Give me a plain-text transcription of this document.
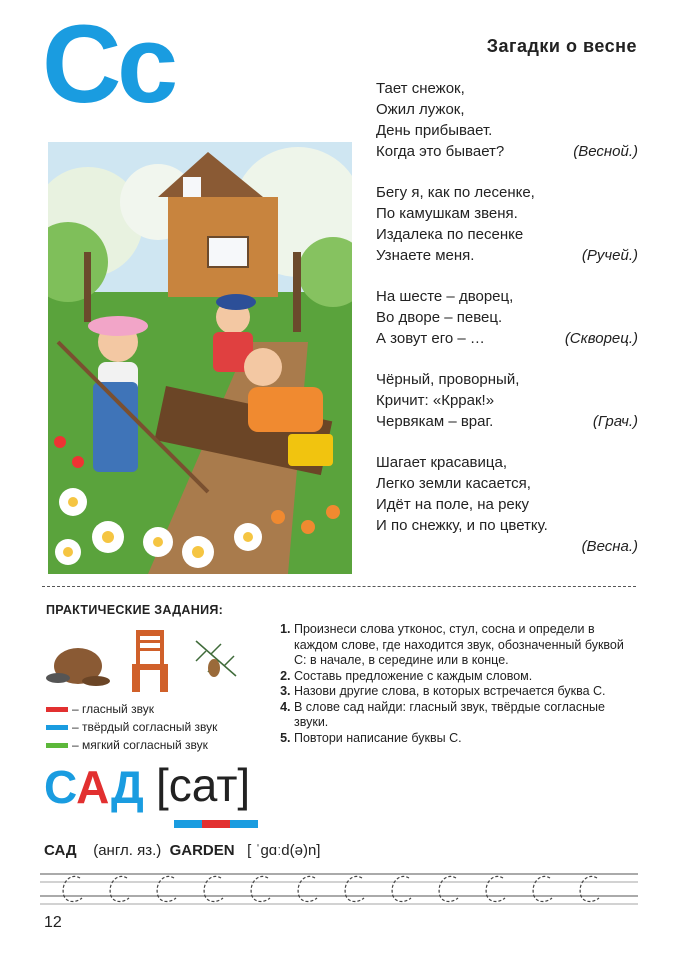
Сс	Загадки о весне
Тает снежок,
Ожил лужок,
День прибывает.
Когда это бывает?	(Весной.)
Бегу я, как по лесенке,
По камушкам звеня.
Издалека по песенке
Узнаете меня.	(Ручей.)
На шесте – дворец,
Во дворе – певец.
А зовут его – …	(Скворец.)
Чёрный, проворный,
Кричит: «Кррак!»
Червякам – враг.	(Грач.)
Шагает красавица,
Легко земли касается,
Идёт на поле, на реку
И по снежку, и по цветку.
(Весна.)
ПРАКТИЧЕСКИЕ ЗАДАНИЯ:
– гласный звук
– твёрдый согласный звук
– мягкий согласный звук
1. Произнеси слова утконос, стул, сосна и определи в каждом слове, где находится звук, обозначенный буквой С: в начале, в середине или в конце.
2. Составь предложение с каждым словом.
3. Назови другие слова, в которых встречается буква С.
4. В слове сад найди: гласный звук, твёрдые согласные звуки.
5. Повтори написание буквы С.
САД [сат]
САД (англ. яз.) GARDEN [ ˈɡɑːd(ə)n]
12
